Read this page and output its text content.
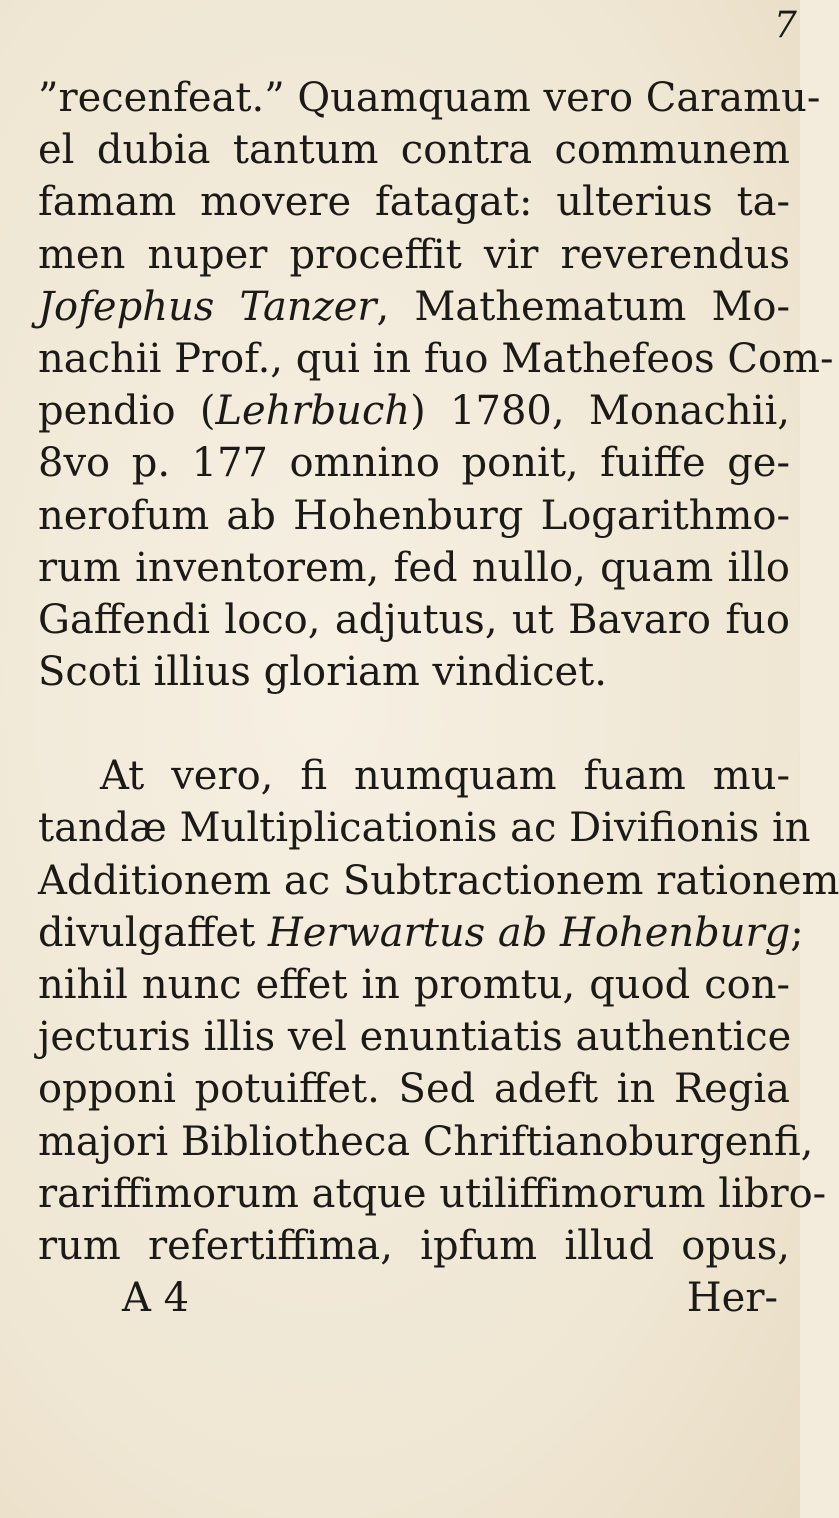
7
”recenfeat.” Quamquam vero Caramu-
el dubia tantum contra communem
famam movere fatagat: ulterius ta-
men nuper proceffit vir reverendus
Jofephus Tanzer, Mathematum Mo-
nachii Prof., qui in fuo Mathefeos Com-
pendio (Lehrbuch) 1780, Monachii,
8vo p. 177 omnino ponit, fuiffe ge-
nerofum ab Hohenburg Logarithmo-
rum inventorem, fed nullo, quam illo
Gaffendi loco, adjutus, ut Bavaro fuo
Scoti illius gloriam vindicet.
At vero, fi numquam fuam mu-
tandæ Multiplicationis ac Divifionis in
Additionem ac Subtractionem rationem
divulgaffet Herwartus ab Hohenburg;
nihil nunc effet in promtu, quod con-
jecturis illis vel enuntiatis authentice
opponi potuiffet. Sed adeft in Regia
majori Bibliotheca Chriftianoburgenfi,
rariffimorum atque utiliffimorum libro-
rum refertiffima, ipfum illud opus,
A 4	Her-
